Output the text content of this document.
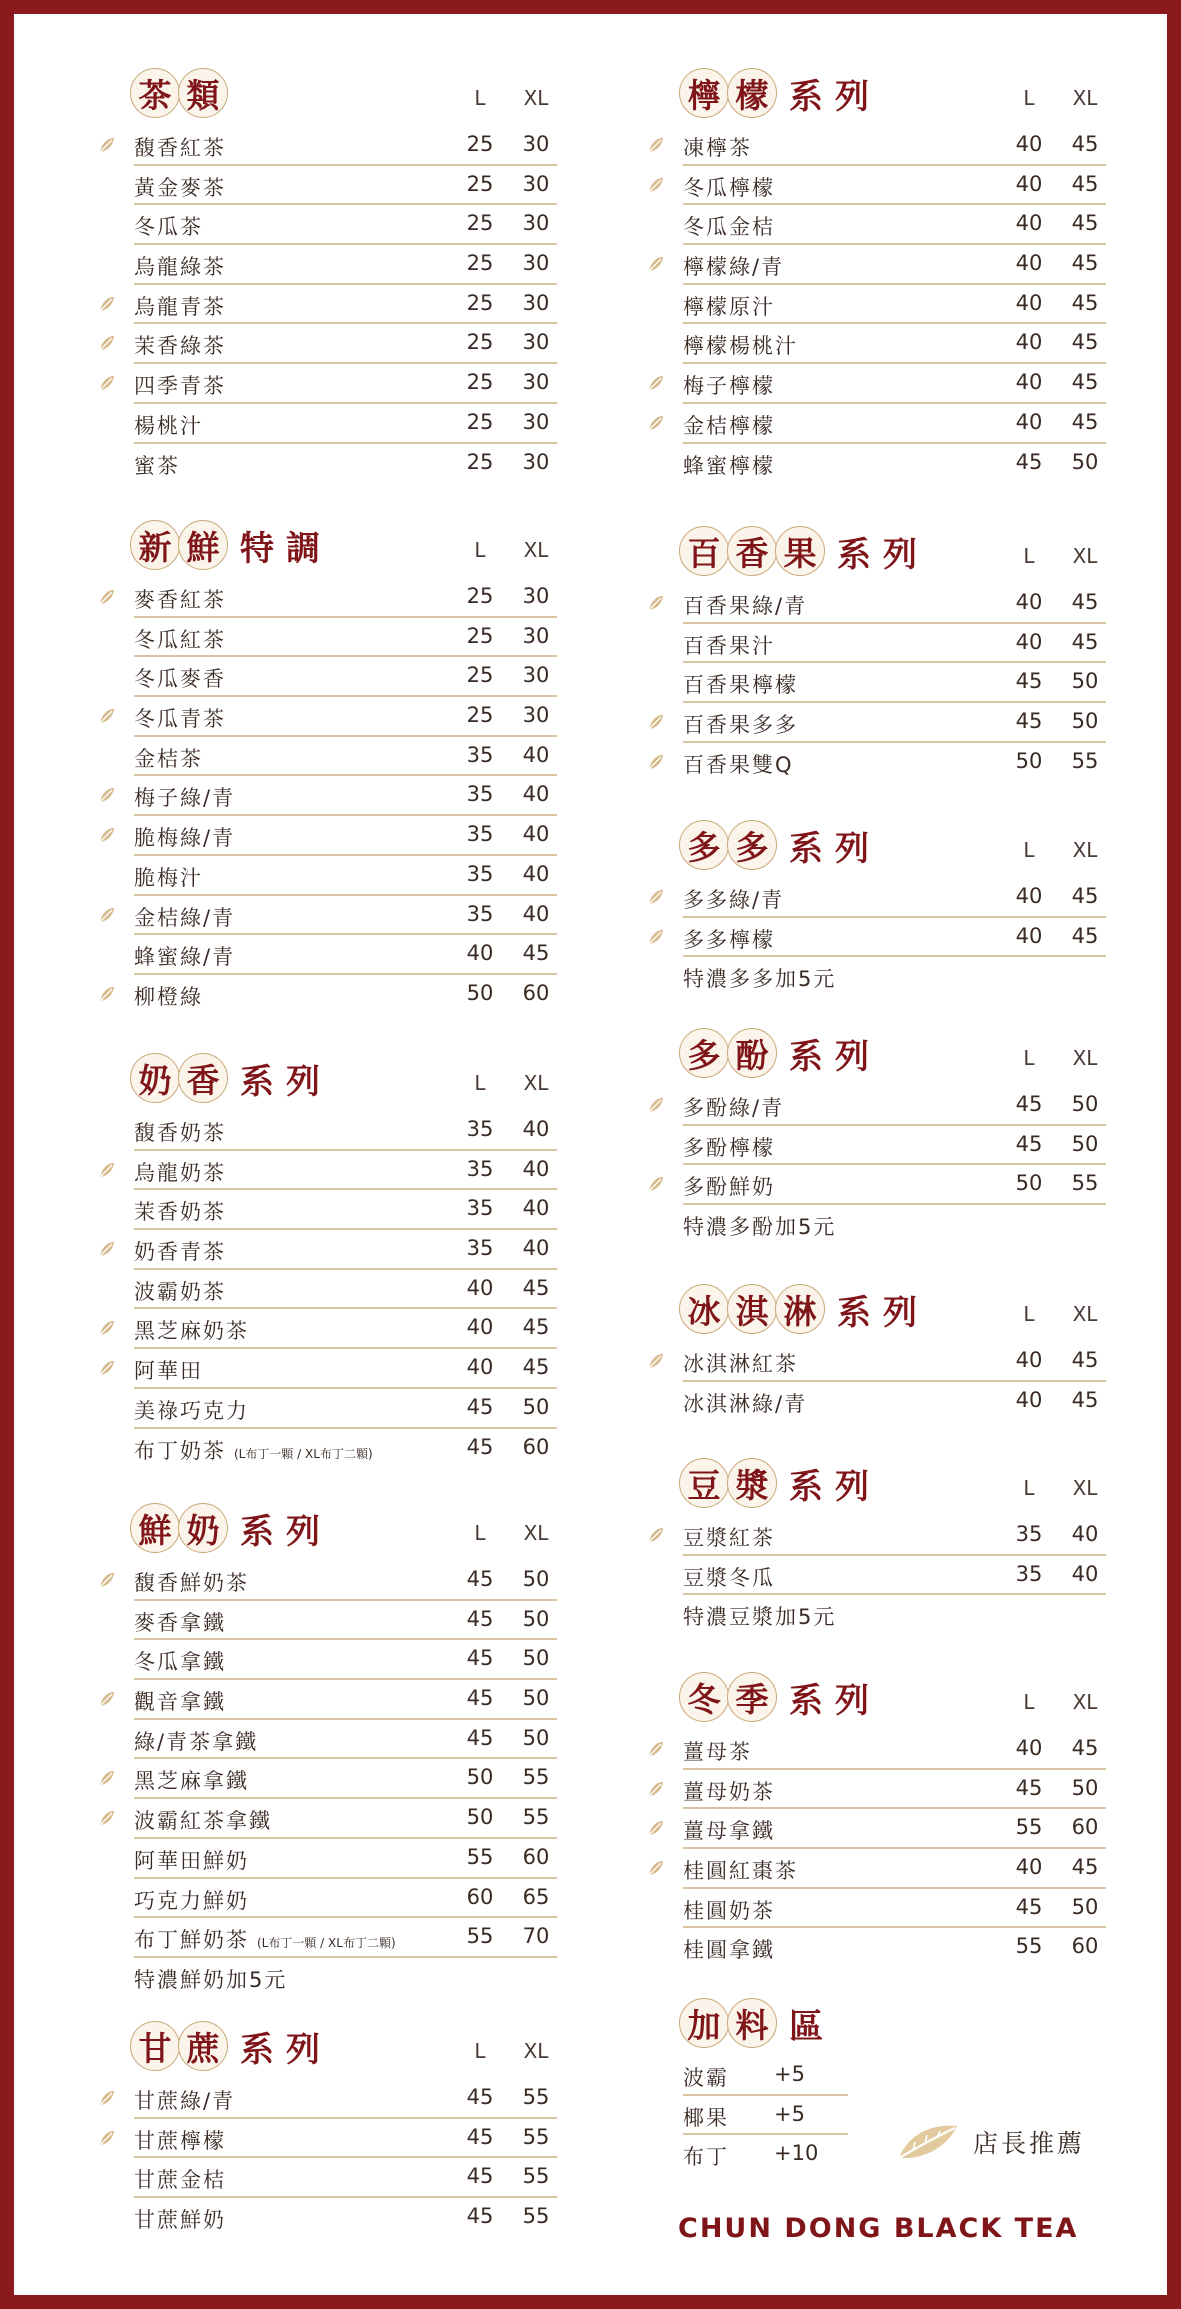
茶 類	L	XL
馥香紅茶	25	30
黃金麥茶	25	30
冬瓜茶	25	30
烏龍綠茶	25	30
烏龍青茶	25	30
茉香綠茶	25	30
四季青茶	25	30
楊桃汁	25	30
蜜茶	25	30
新 鮮 特調	L	XL
麥香紅茶	25	30
冬瓜紅茶	25	30
冬瓜麥香	25	30
冬瓜青茶	25	30
金桔茶	35	40
梅子綠/青	35	40
脆梅綠/青	35	40
脆梅汁	35	40
金桔綠/青	35	40
蜂蜜綠/青	40	45
柳橙綠	50	60
奶 香 系列	L	XL
馥香奶茶	35	40
烏龍奶茶	35	40
茉香奶茶	35	40
奶香青茶	35	40
波霸奶茶	40	45
黑芝麻奶茶	40	45
阿華田	40	45
美祿巧克力	45	50
布丁奶茶 (L布丁一顆 / XL布丁二顆)	45	60
鮮 奶 系列	L	XL
馥香鮮奶茶	45	50
麥香拿鐵	45	50
冬瓜拿鐵	45	50
觀音拿鐵	45	50
綠/青茶拿鐵	45	50
黑芝麻拿鐵	50	55
波霸紅茶拿鐵	50	55
阿華田鮮奶	55	60
巧克力鮮奶	60	65
布丁鮮奶茶 (L布丁一顆 / XL布丁二顆)	55	70
特濃鮮奶加5元
甘 蔗 系列	L	XL
甘蔗綠/青	45	55
甘蔗檸檬	45	55
甘蔗金桔	45	55
甘蔗鮮奶	45	55
檸 檬 系列	L	XL
凍檸茶	40	45
冬瓜檸檬	40	45
冬瓜金桔	40	45
檸檬綠/青	40	45
檸檬原汁	40	45
檸檬楊桃汁	40	45
梅子檸檬	40	45
金桔檸檬	40	45
蜂蜜檸檬	45	50
百 香 果 系列	L	XL
百香果綠/青	40	45
百香果汁	40	45
百香果檸檬	45	50
百香果多多	45	50
百香果雙Q	50	55
多 多 系列	L	XL
多多綠/青	40	45
多多檸檬	40	45
特濃多多加5元
多 酚 系列	L	XL
多酚綠/青	45	50
多酚檸檬	45	50
多酚鮮奶	50	55
特濃多酚加5元
冰 淇 淋 系列	L	XL
冰淇淋紅茶	40	45
冰淇淋綠/青	40	45
豆 漿 系列	L	XL
豆漿紅茶	35	40
豆漿冬瓜	35	40
特濃豆漿加5元
冬 季 系列	L	XL
薑母茶	40	45
薑母奶茶	45	50
薑母拿鐵	55	60
桂圓紅棗茶	40	45
桂圓奶茶	45	50
桂圓拿鐵	55	60
加 料 區
波霸 +5
椰果 +5
布丁 +10	店長推薦
CHUN DONG BLACK TEA
